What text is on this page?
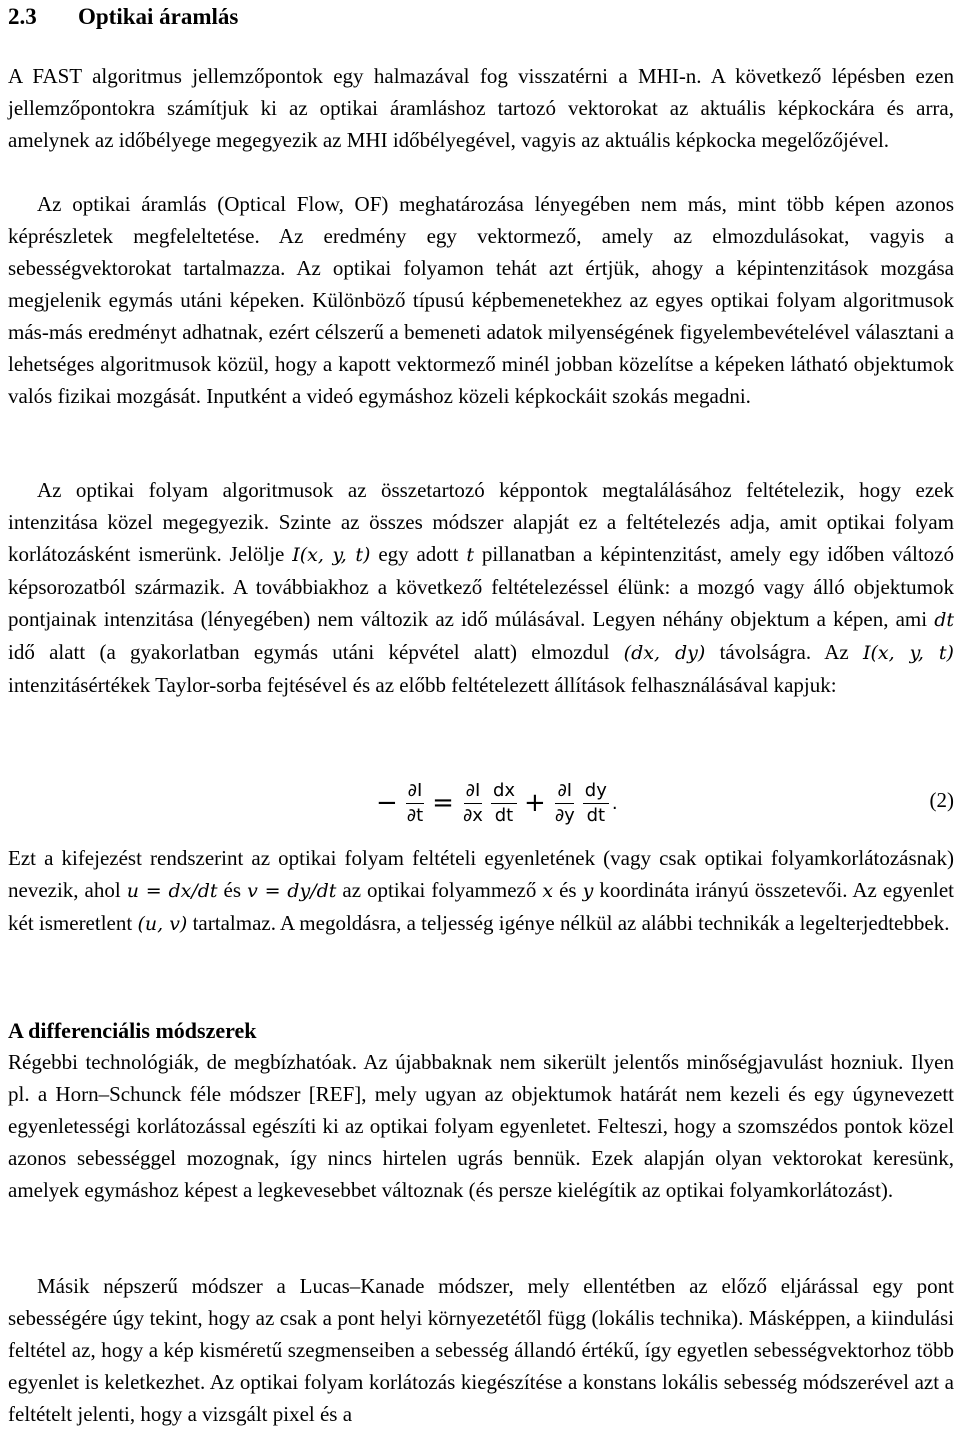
2.3 Optikai áramlás

A FAST algoritmus jellemzőpontok egy halmazával fog visszatérni a MHI-n. A következő lépésben ezen jellemzőpontokra számítjuk ki az optikai áramláshoz tartozó vektorokat az aktuális képkockára és arra, amelynek az időbélyege megegyezik az MHI időbélyegével, vagyis az aktuális képkocka megelőzőjével.

Az optikai áramlás (Optical Flow, OF) meghatározása lényegében nem más, mint több képen azonos képrészletek megfeleltetése. Az eredmény egy vektormező, amely az elmozdulásokat, vagyis a sebességvektorokat tartalmazza. Az optikai folyamon tehát azt értjük, ahogy a képintenzitások mozgása megjelenik egymás utáni képeken. Különböző típusú képbemenetekhez az egyes optikai folyam algoritmusok más-más eredményt adhatnak, ezért célszerű a bemeneti adatok milyenségének figyelembevételével választani a lehetséges algoritmusok közül, hogy a kapott vektormező minél jobban közelítse a képeken látható objektumok valós fizikai mozgását. Inputként a videó egymáshoz közeli képkockáit szokás megadni.

Az optikai folyam algoritmusok az összetartozó képpontok megtalálásához feltételezik, hogy ezek intenzitása közel megegyezik. Szinte az összes módszer alapját ez a feltételezés adja, amit optikai folyam korlátozásként ismerünk. Jelölje I(x, y, t) egy adott t pillanatban a képintenzitást, amely egy időben változó képsorozatból származik. A továbbiakhoz a következő feltételezéssel élünk: a mozgó vagy álló objektumok pontjainak intenzitása (lényegében) nem változik az idő múlásával. Legyen néhány objektum a képen, ami dt idő alatt (a gyakorlatban egymás utáni képvétel alatt) elmozdul (dx, dy) távolságra. Az I(x, y, t) intenzitásértékek Taylor-sorba fejtésével és az előbb feltételezett állítások felhasználásával kapjuk:

− $\frac{\partial I}{\partial t} = \frac{\partial I}{\partial x} \frac{dx}{dt} + \frac{\partial I}{\partial y} \frac{dy}{dt}$ .	(2)

Ezt a kifejezést rendszerint az optikai folyam feltételi egyenletének (vagy csak optikai folyamkorlátozásnak) nevezik, ahol u = dx/dt és v = dy/dt az optikai folyammező x és y koordináta irányú összetevői. Az egyenlet két ismeretlent (u, v) tartalmaz. A megoldásra, a teljesség igénye nélkül az alábbi technikák a legelterjedtebbek.

A differenciális módszerek

Régebbi technológiák, de megbízhatóak. Az újabbaknak nem sikerült jelentős minőségjavulást hozniuk. Ilyen pl. a Horn–Schunck féle módszer [REF], mely ugyan az objektumok határát nem kezeli és egy úgynevezett egyenletességi korlátozással egészíti ki az optikai folyam egyenletet. Felteszi, hogy a szomszédos pontok közel azonos sebességgel mozognak, így nincs hirtelen ugrás bennük. Ezek alapján olyan vektorokat keresünk, amelyek egymáshoz képest a legkevesebbet változnak (és persze kielégítik az optikai folyamkorlátozást).

Másik népszerű módszer a Lucas–Kanade módszer, mely ellentétben az előző eljárással egy pont sebességére úgy tekint, hogy az csak a pont helyi környezetétől függ (lokális technika). Másképpen, a kiindulási feltétel az, hogy a kép kisméretű szegmenseiben a sebesség állandó értékű, így egyetlen sebességvektorhoz több egyenlet is keletkezhet. Az optikai folyam korlátozás kiegészítése a konstans lokális sebesség módszerével azt a feltételt jelenti, hogy a vizsgált pixel és a
